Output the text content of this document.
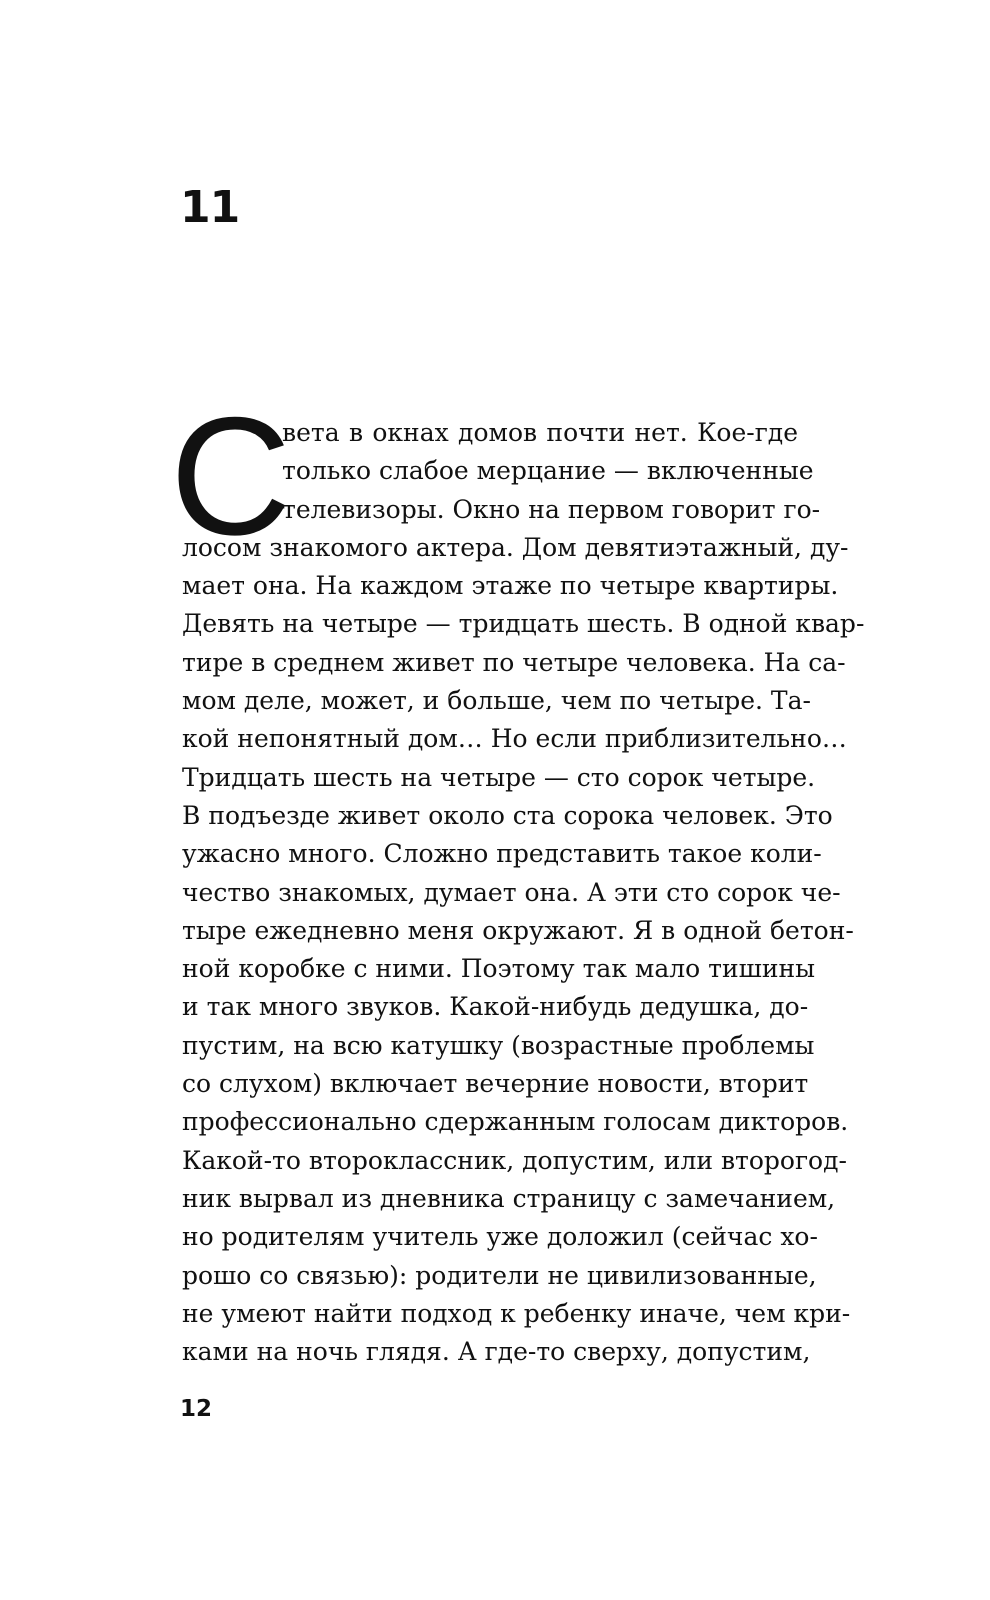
11
С
вета в окнах домов почти нет. Кое-где
только слабое мерцание — включенные
телевизоры. Окно на первом говорит го-
лосом знакомого актера. Дом девятиэтажный, ду-
мает она. На каждом этаже по четыре квартиры.
Девять на четыре — тридцать шесть. В одной квар-
тире в среднем живет по четыре человека. На са-
мом деле, может, и больше, чем по четыре. Та-
кой непонятный дом… Но если приблизительно…
Тридцать шесть на четыре — сто сорок четыре.
В подъезде живет около ста сорока человек. Это
ужасно много. Сложно представить такое коли-
чество знакомых, думает она. А эти сто сорок че-
тыре ежедневно меня окружают. Я в одной бетон-
ной коробке с ними. Поэтому так мало тишины
и так много звуков. Какой-нибудь дедушка, до-
пустим, на всю катушку (возрастные проблемы
со слухом) включает вечерние новости, вторит
профессионально сдержанным голосам дикторов.
Какой-то второклассник, допустим, или второгод-
ник вырвал из дневника страницу с замечанием,
но родителям учитель уже доложил (сейчас хо-
рошо со связью): родители не цивилизованные,
не умеют найти подход к ребенку иначе, чем кри-
ками на ночь глядя. А где-то сверху, допустим,
12
